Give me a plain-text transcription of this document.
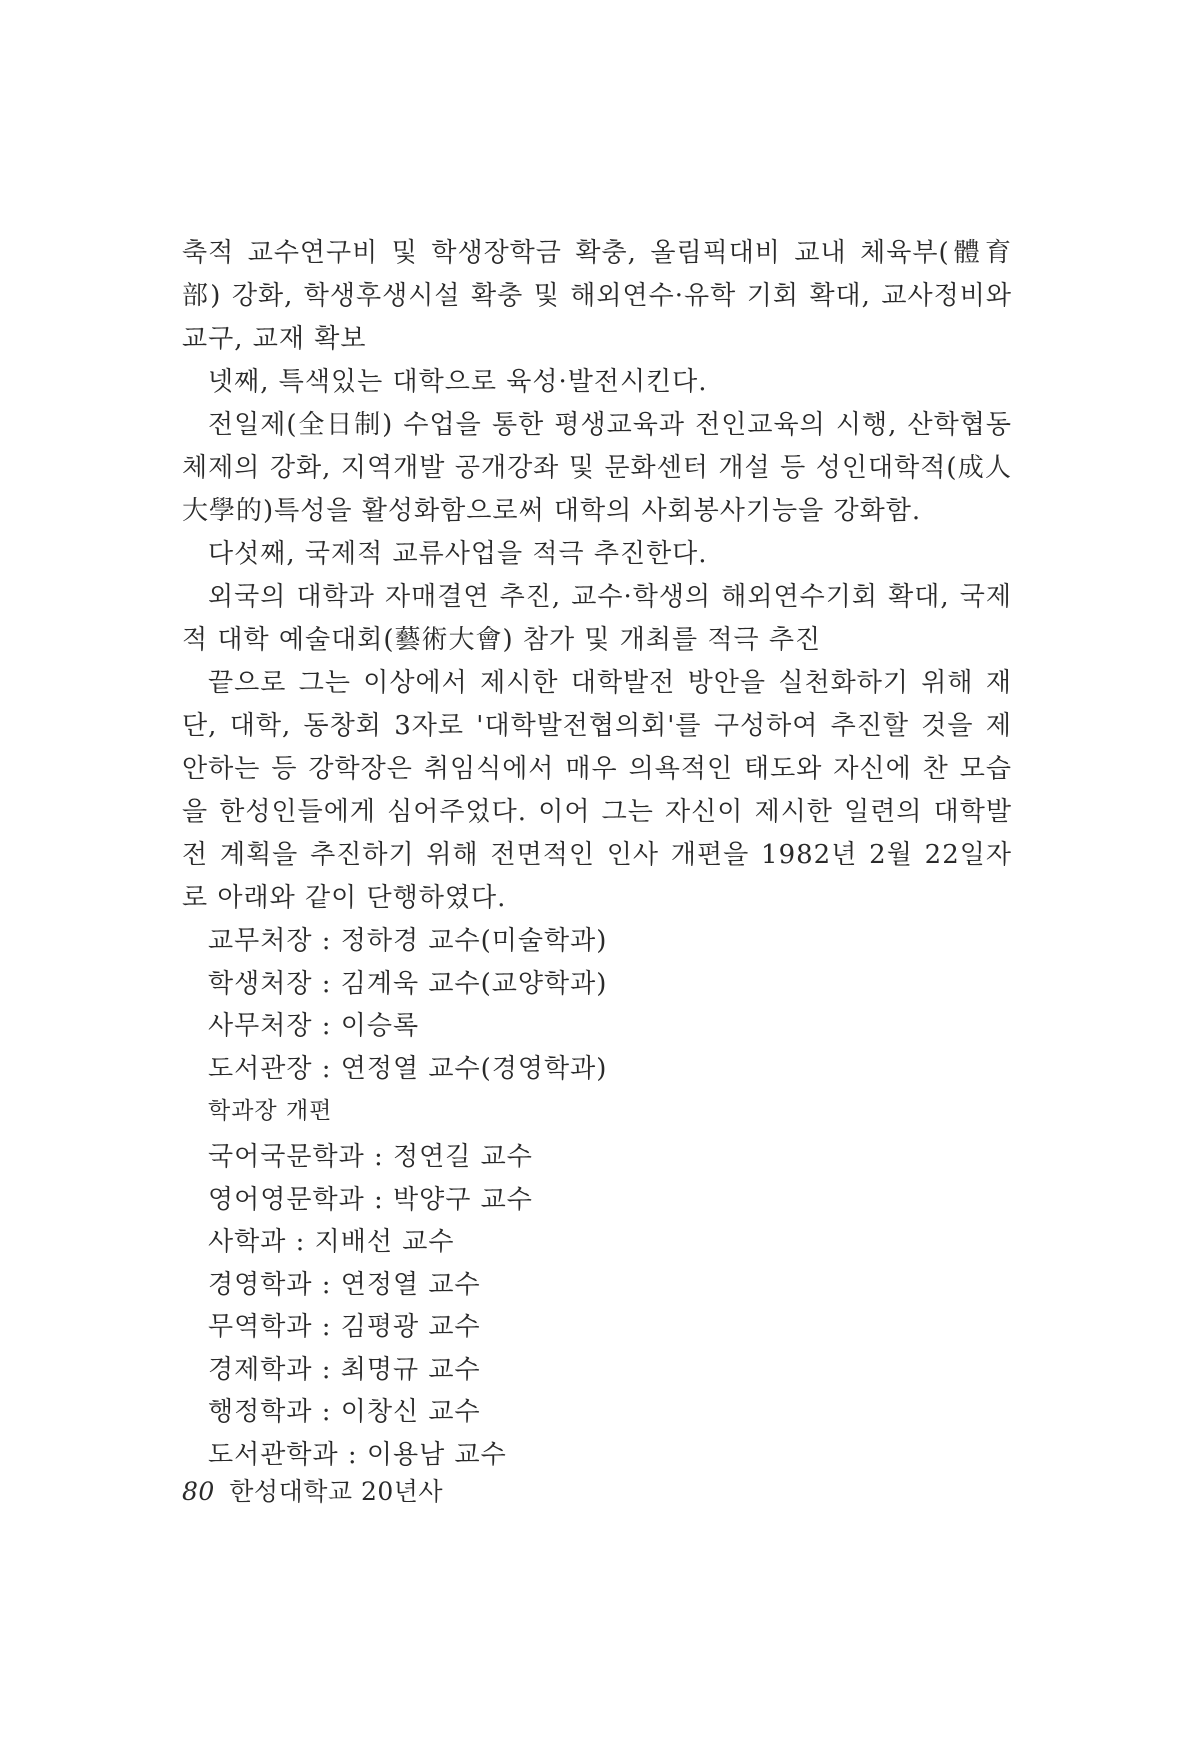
축적 교수연구비 및 학생장학금 확충, 올림픽대비 교내 체육부(體育部) 강화, 학생후생시설 확충 및 해외연수·유학 기회 확대, 교사정비와 교구, 교재 확보

넷째, 특색있는 대학으로 육성·발전시킨다.

전일제(全日制) 수업을 통한 평생교육과 전인교육의 시행, 산학협동체제의 강화, 지역개발 공개강좌 및 문화센터 개설 등 성인대학적(成人大學的)특성을 활성화함으로써 대학의 사회봉사기능을 강화함.

다섯째, 국제적 교류사업을 적극 추진한다.

외국의 대학과 자매결연 추진, 교수·학생의 해외연수기회 확대, 국제적 대학 예술대회(藝術大會) 참가 및 개최를 적극 추진

끝으로 그는 이상에서 제시한 대학발전 방안을 실천화하기 위해 재단, 대학, 동창회 3자로 '대학발전협의회'를 구성하여 추진할 것을 제안하는 등 강학장은 취임식에서 매우 의욕적인 태도와 자신에 찬 모습을 한성인들에게 심어주었다. 이어 그는 자신이 제시한 일련의 대학발전 계획을 추진하기 위해 전면적인 인사 개편을 1982년 2월 22일자로 아래와 같이 단행하였다.

교무처장 : 정하경 교수(미술학과)
학생처장 : 김계욱 교수(교양학과)
사무처장 : 이승록
도서관장 : 연정열 교수(경영학과)

학과장 개편

국어국문학과 : 정연길 교수
영어영문학과 : 박양구 교수
사학과 : 지배선 교수
경영학과 : 연정열 교수
무역학과 : 김평광 교수
경제학과 : 최명규 교수
행정학과 : 이창신 교수
도서관학과 : 이용남 교수
80 한성대학교 20년사
